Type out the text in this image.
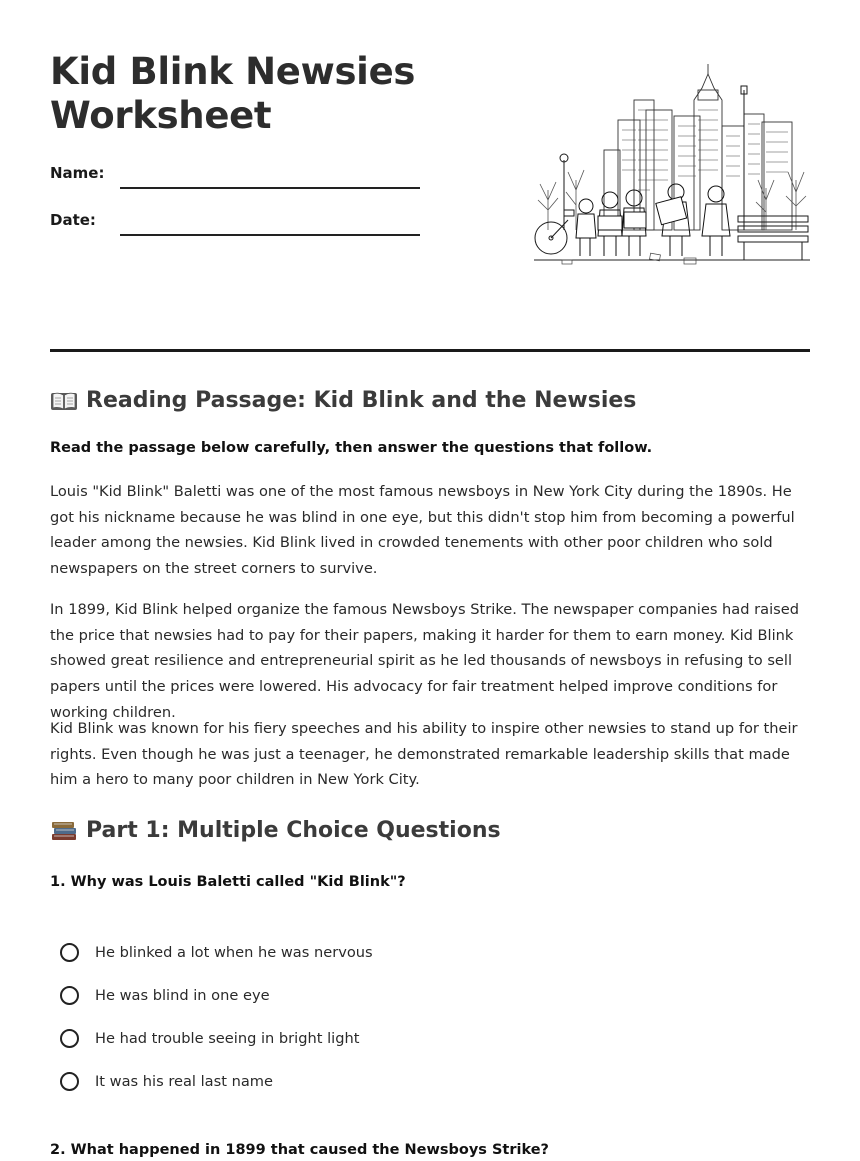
Kid Blink Newsies
Worksheet
Name:
Date:
Reading Passage: Kid Blink and the Newsies
Read the passage below carefully, then answer the questions that follow.

Louis "Kid Blink" Baletti was one of the most famous newsboys in New York City during the 1890s. He got his nickname because he was blind in one eye, but this didn't stop him from becoming a powerful leader among the newsies. Kid Blink lived in crowded tenements with other poor children who sold newspapers on the street corners to survive.

In 1899, Kid Blink helped organize the famous Newsboys Strike. The newspaper companies had raised the price that newsies had to pay for their papers, making it harder for them to earn money. Kid Blink showed great resilience and entrepreneurial spirit as he led thousands of newsboys in refusing to sell papers until the prices were lowered. His advocacy for fair treatment helped improve conditions for working children.

Kid Blink was known for his fiery speeches and his ability to inspire other newsies to stand up for their rights. Even though he was just a teenager, he demonstrated remarkable leadership skills that made him a hero to many poor children in New York City.

Part 1: Multiple Choice Questions
1. Why was Louis Baletti called "Kid Blink"?
He blinked a lot when he was nervous
He was blind in one eye
He had trouble seeing in bright light
It was his real last name
2. What happened in 1899 that caused the Newsboys Strike?
